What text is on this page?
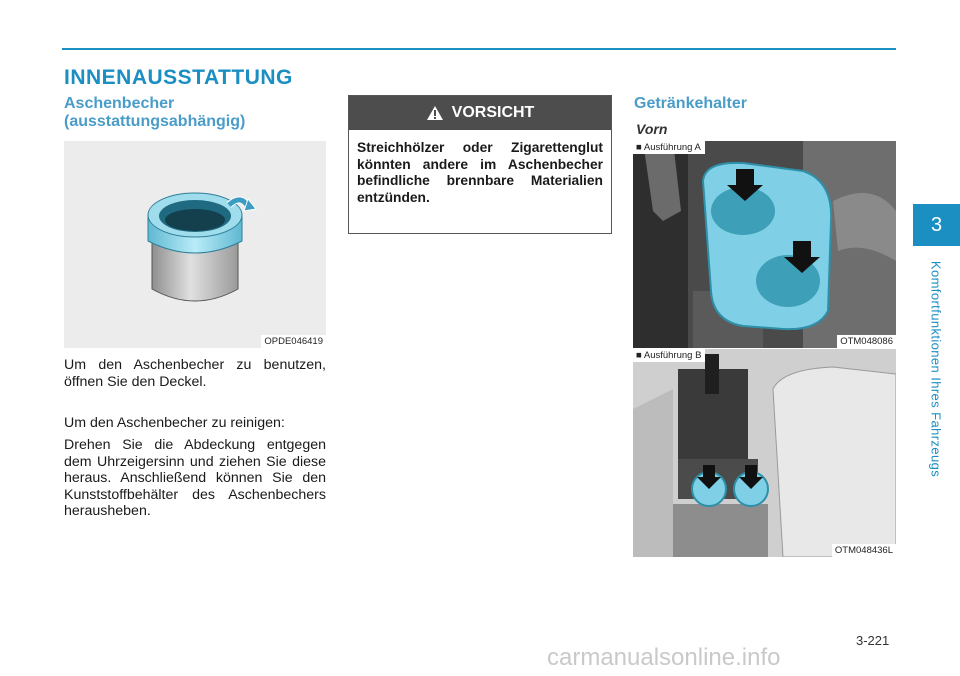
INNENAUSSTATTUNG
Aschenbecher (ausstattungsabhängig)
OPDE046419
Um den Aschenbecher zu benutzen, öffnen Sie den Deckel.
Um den Aschenbecher zu reinigen:
Drehen Sie die Abdeckung entgegen dem Uhrzeigersinn und ziehen Sie diese heraus. Anschließend können Sie den Kunststoffbehälter des Aschenbechers herausheben.
VORSICHT
Streichhölzer oder Zigarettenglut könnten andere im Aschenbecher befindliche brennbare Materialien entzünden.
Getränkehalter
Vorn
■ Ausführung A
OTM048086
■ Ausführung B
OTM048436L
3
Komfortfunktionen Ihres Fahrzeugs
3-221
carmanualsonline.info
